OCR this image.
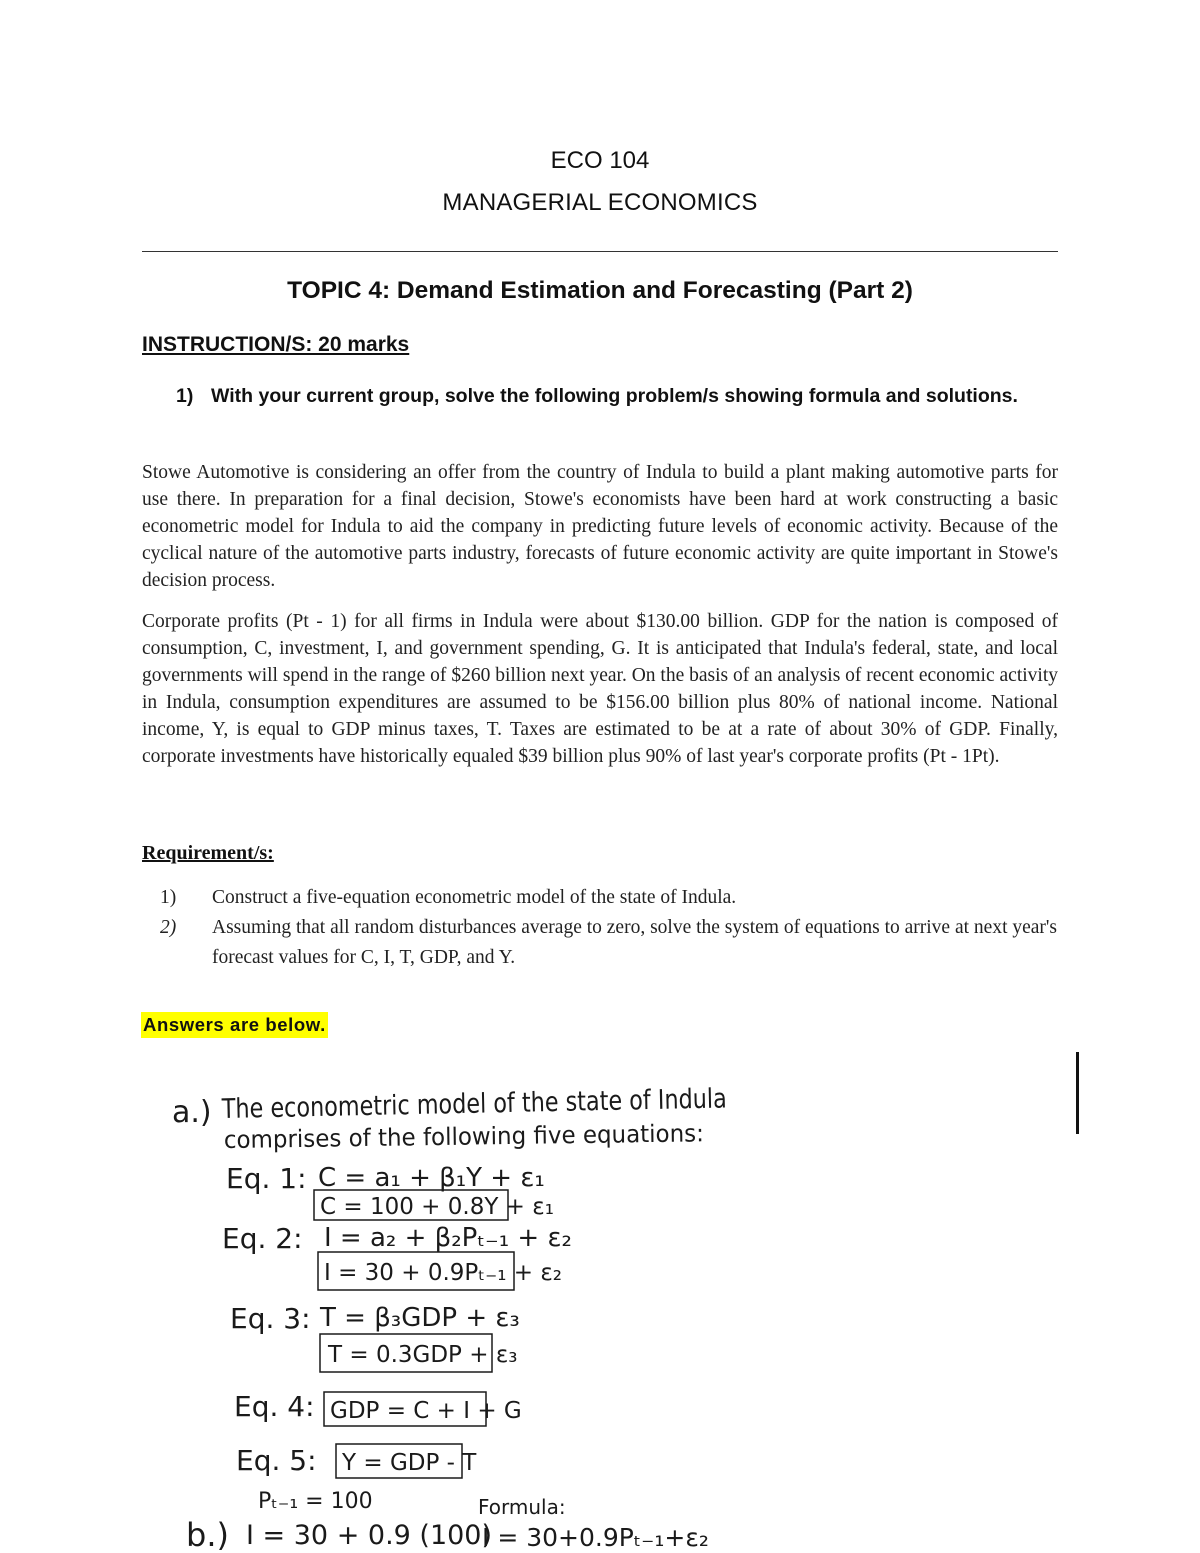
ECO 104
MANAGERIAL ECONOMICS
TOPIC 4: Demand Estimation and Forecasting (Part 2)
INSTRUCTION/S: 20 marks
1) With your current group, solve the following problem/s showing formula and solutions.
Stowe Automotive is considering an offer from the country of Indula to build a plant making automotive parts for use there. In preparation for a final decision, Stowe's economists have been hard at work constructing a basic econometric model for Indula to aid the company in predicting future levels of economic activity. Because of the cyclical nature of the automotive parts industry, forecasts of future economic activity are quite important in Stowe's decision process.
Corporate profits (Pt - 1) for all firms in Indula were about $130.00 billion. GDP for the nation is composed of consumption, C, investment, I, and government spending, G. It is anticipated that Indula's federal, state, and local governments will spend in the range of $260 billion next year. On the basis of an analysis of recent economic activity in Indula, consumption expenditures are assumed to be $156.00 billion plus 80% of national income. National income, Y, is equal to GDP minus taxes, T. Taxes are estimated to be at a rate of about 30% of GDP. Finally, corporate investments have historically equaled $39 billion plus 90% of last year's corporate profits (Pt - 1Pt).
Requirement/s:
1) Construct a five-equation econometric model of the state of Indula.
2) Assuming that all random disturbances average to zero, solve the system of equations to arrive at next year's forecast values for C, I, T, GDP, and Y.
Answers are below.
a.) The econometric model of the state of Indula
comprises of the following five equations:
Eq. 1: C = a₁ + β₁Y + ε₁
C = 100 + 0.8Y + ε₁
Eq. 2: I = a₂ + β₂Pₜ₋₁ + ε₂
I = 30 + 0.9Pₜ₋₁ + ε₂
Eq. 3: T = β₃GDP + ε₃
T = 0.3GDP + ε₃
Eq. 4: GDP = C + I + G
Eq. 5: Y = GDP - T
Pₜ₋₁ = 100	Formula:
b.) I = 30 + 0.9 (100)
I = 30+0.9Pₜ₋₁+ε₂
